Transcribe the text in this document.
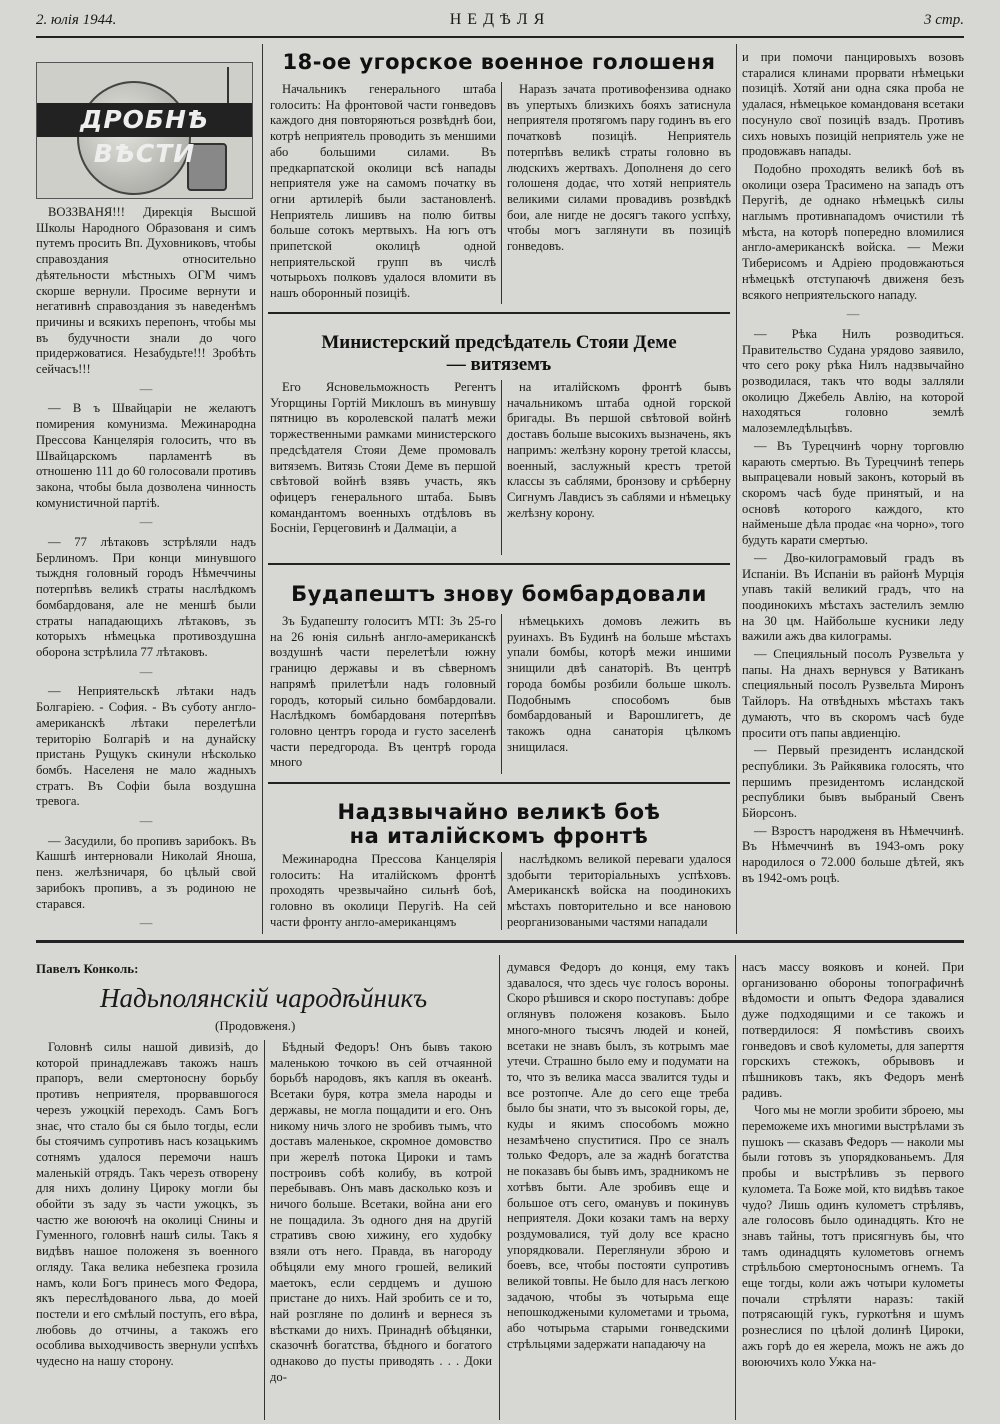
2. юлія 1944.	НЕДѢЛЯ	3 стр.
ДРОБНѢ ВѢСТИ

ВОЗЗВАНЯ!!! Дирекція Высшой Школы Народного Образованя и симъ путемъ просить Вп. Духовниковъ, чтобы справоздания относительно дѣятельности мѣстныхъ ОГМ чимъ скорше вернули. Просиме вернути и негативнѣ справоздания зъ наведенѣмъ причины и всякихъ перепонъ, чтобы мы въ будучности знали до чого придержоватися. Незабудьте!!! Зробѣть сейчасъ!!!

—

— В ъ Швайцаріи не желаютъ помирения комунизма. Межинародна Прессова Канцелярія голосить, что въ Швайцарскомъ парламентѣ въ отношеню 111 до 60 голосовали противъ закона, чтобы была дозволена чинность комунистичной партіѣ.

—

— 77 лѣтаковъ зстрѣляли надъ Берлиномъ. При конци минувшого тыждня головный городъ Нѣмеччины потерпѣвъ великѣ страты наслѣдкомъ бомбардованя, але не меншѣ были страты нападающихъ лѣтаковъ, зъ которыхъ нѣмецька противоздушна оборона зстрѣлила 77 лѣтаковъ.

—

— Неприятельскѣ лѣтаки надъ Болгаріею. - София. - Въ суботу англо-американскѣ лѣтаки перелетѣли територію Болгарiѣ и на дунайску пристань Рущукъ скинули нѣсколько бомбъ. Населеня не мало жадныхъ стратъ. Въ Софіи была воздушна тревога.

—

— Засудили, бо пропивъ зарибокъ. Въ Кашшѣ интерновали Николай Яноша, пенз. желѣзничаря, бо цѣлый свой зарибокъ пропивъ, а зъ родиною не старався.

—

18-ое угорское военное голошеня

Начальникъ генерального штаба голосить: На фронтовой части гонведовъ каждого дня повторяються розвѣднѣ бои, котрѣ неприятель проводить зъ меншими або большими силами. Въ предкарпатской околици всѣ напады неприятеля уже на самомъ початку въ огни артилеріѣ были застановленѣ. Неприятель лишивъ на полю битвы больше сотокъ мертвыхъ. На югъ отъ припетской околицѣ одной неприятельской групп въ числѣ чотырьохъ полковъ удалося вломити въ нашъ оборонный позиціѣ.

Наразъ зачата противофензива однако въ упертыхъ близкихъ бояхъ затиснула неприятеля протягомъ пару годинъ въ его початковѣ позиціѣ. Неприятель потерпѣвъ великѣ страты головно въ людскихъ жертвахъ. Дополненя до сего голошеня додає, что хотяй неприятель великими силами провадивъ розвѣдкѣ бои, але нигде не досягъ такого успѣху, чтобы могъ заглянути въ позиціѣ гонведовъ.

Министерский предсѣдатель Стояи Деме
— витяземъ

Его Ясновельможность Регентъ Угорщины Гортій Миклошъ въ минувшу пятницю въ королевской палатѣ межи торжественными рамками министерского предсѣдателя Стояи Деме промовалъ витяземъ. Витязь Стояи Деме въ першой свѣтовой войнѣ взявъ участь, якъ офицеръ генерального штаба. Бывъ командантомъ военныхъ отдѣловъ въ Босніи, Герцеговинѣ и Далмаціи, а

на италійскомъ фронтѣ бывъ начальникомъ штаба одной горской бригады. Въ першой свѣтовой войнѣ доставъ больше высокихъ вызначень, якъ напримъ: желѣзну корону третой классы, военный, заслужный крестъ третой классы зъ саблями, бронзову и срѣберну Сигнумъ Лавдисъ зъ саблями и нѣмецьку желѣзну корону.

Будапештъ знову бомбардовали

Зъ Будапешту голоситъ МТІ: Зъ 25-го на 26 юнія сильнѣ англо-американскѣ воздушнѣ части перелетѣли южну границю державы и въ сѣверномъ напрямѣ прилетѣли надъ головный городъ, который сильно бомбардовали. Наслѣдкомъ бомбардованя потерпѣвъ головно центръ города и густо заселенѣ части передгорода. Въ центрѣ города много

нѣмецькихъ домовъ лежить въ руинахъ. Въ Будинѣ на больше мѣстахъ упали бомбы, которѣ межи иншими знищили двѣ санаторіѣ. Въ центрѣ города бомбы розбили больше школъ. Подобнымъ способомъ быв бомбардованый и Варошлигетъ, де такожъ одна санаторія цѣлкомъ знищилася.

Надзвычайно великѣ боѣ
на италійскомъ фронтѣ

Межинародна Прессова Канцелярія голосить: На италійскомъ фронтѣ проходять чрезвычайно сильнѣ боѣ, головно въ околици Перугіѣ. На сей части фронту англо-американцямъ

наслѣдкомъ великой переваги удалося здобыти територіальныхъ успѣховъ. Американскѣ войска на поодинокихъ мѣстахъ повторительно и все нановою реорганизоваными частями нападали

и при помочи панцировыхъ возовъ старалися клинами прорвати нѣмецьки позиціѣ. Хотяй ани одна сяка проба не удалася, нѣмецькое командованя всетаки посунуло свої позиціѣ взадъ. Противъ сихъ новыхъ позицій неприятель уже не продовжавъ напады.

Подобно проходять великѣ боѣ въ околици озера Трасимено на западъ отъ Перугіѣ, де однако нѣмецькѣ силы наглымъ противнападомъ очистили тѣ мѣста, на которѣ попередно вломилися англо-американскѣ войска. — Межи Тиберисомъ и Адріею продовжаються нѣмецькѣ отступаючѣ движеня безъ всякого неприятельского нападу.

—

— Рѣка Нилъ розводиться. Правительство Судана урядово заявило, что сего року рѣка Нилъ надзвычайно розводилася, такъ что воды залляли околицю Джебель Авлію, на которой находяться головно землѣ малоземледѣльцѣвъ.

— Въ Турецчинѣ чорну торговлю карають смертью. Въ Турецчинѣ теперь выпрацевали новый законъ, который въ скоромъ часѣ буде принятый, и на основѣ которого каждого, кто найменьше дѣла продає «на чорно», того будуть карати смертью.

— Дво-килограмовый градъ въ Испаніи. Въ Испаніи въ районѣ Мурція упавъ такій великий градъ, что на поодинокихъ мѣстахъ застелилъ землю на 30 цм. Найбольше кусники леду важили ажъ два килограмы.

— Специяльный посолъ Рузвельта у папы. На днахъ вернувся у Ватиканъ специяльный посолъ Рузвельта Миронъ Тайлоръ. На отвѣдныхъ мѣстахъ такъ думають, что въ скоромъ часѣ буде просити отъ папы авдиенцію.

— Первый президентъ исландской республики. Зъ Райкявика голосять, что першимъ президентомъ исландской республики бывъ выбраный Свенъ Бйорсонъ.

— Взростъ народженя въ Нѣмеччинѣ. Въ Нѣмеччинѣ въ 1943-омъ року народилося о 72.000 больше дѣтей, якъ въ 1942-омъ роцѣ.

Павелъ Конколь:
Надьполянскій чародѣйникъ
(Продовженя.)

Головнѣ силы нашой дивизіѣ, до которой принадлежавъ такожъ нашъ прапоръ, вели смертоносну борьбу противъ неприятеля, прорвавшогося черезъ ужоцкій переходъ. Самъ Богъ знає, что стало бы ся было тогды, если бы стоячимъ супротивъ насъ козацькимъ сотнямъ удалося перемочи нашъ маленькій отрядъ. Такъ черезъ отворену для нихъ долину Цироку могли бы обойти зъ заду зъ части ужоцкъ, зъ частю же воюючѣ на околиці Снины и Гуменного, головнѣ нашѣ силы. Такъ я видѣвъ нашое положеня зъ военного огляду. Така велика небезпека грозила намъ, коли Богъ принесъ мого Федора, якъ переслѣдованого льва, до моей постели и его смѣлый поступъ, его вѣра, любовь до отчины, а такожъ его особлива выходчивость звернули успѣхъ чудесно на нашу сторону.

Бѣдный Федоръ! Онъ бывъ такою маленькою точкою въ сей отчаянной борьбѣ народовъ, якъ капля въ океанѣ. Всетаки буря, котра змела народы и державы, не могла пощадити и его. Онъ никому ничь злого не зробивъ тымъ, что доставъ маленькое, скромное домовство при жерелѣ потока Цироки и тамъ построивъ собѣ колибу, въ котрой перебывавъ. Онъ мавъ дасколько козъ и ничого больше. Всетаки, война ани его не пощадила. Зъ одного дня на другій стративъ свою хижину, его худобку взяли отъ него. Правда, въ нагороду обѣцяли ему много грошей, великий маетокъ, если сердцемъ и душою пристане до нихъ. Най зробить се и то, най розглянe по долинѣ и вернеся зъ вѣстками до нихъ. Принаднѣ обѣцянки, сказочнѣ богатства, бѣдного и богатого однаково до пусты приводять . . . Доки до-

думався Федоръ до конця, ему такъ здавалося, что здесь чує голосъ вороны. Скоро рѣшився и скоро поступавъ: добре оглянувъ положеня козаковъ. Было много-много тысячъ людей и коней, всетаки не знавъ былъ, зъ котрымъ маe утечи. Страшно было ему и подумати на то, что зъ велика масса звалится туды и все розтопче. Але до сего еще треба было бы знати, что зъ высокой горы, де, куды и якимъ способомъ можно незамѣчено спуститися. Про се зналъ только Федоръ, але за жаднѣ богатства не показавъ бы бывъ имъ, зрадникомъ не хотѣвъ быти. Але зробивъ еще и большое отъ сего, оманувъ и покинувъ неприятеля. Доки козаки тамъ на верху роздумовалися, туй долу все красно упорядковали. Переглянули зброю и боевъ, все, чтобы постояти супротивъ великой товпы. Не было для насъ легкою задачою, чтобы зъ чотырьма еще непошкоджеными кулометами и трьома, або чотырьма старыми гонведскими стрѣльцями задержати нападаючу на

насъ массу вояковъ и коней. При организованю обороны топографичнѣ вѣдомости и опытъ Федора здавалися дуже подходящими и се такожъ и потвердилося: Я помѣстивъ своихъ гонведовъ и своѣ кулометы, для заперття горскихъ стежокъ, обрывовъ и пѣшниковъ такъ, якъ Федоръ менѣ радивъ.

Чого мы не могли зробити зброею, мы переможеме ихъ многими выстрѣлами зъ пушокъ — сказавъ Федоръ — наколи мы были готовъ зъ упорядкованьемъ. Для пробы и выстрѣливъ зъ первого куломета. Та Боже мой, кто видѣвъ такое чудо? Лишь одинъ кулометъ стрѣлявъ, але голосовъ было одинадцять. Кто не знавъ тайны, тотъ присягнувъ бы, что тамъ одинадцять кулометовъ огнемъ стрѣльбою смертоноснымъ огнемъ. Та еще тогды, коли ажъ чотыри кулометы почали стрѣляти наразъ: такій потрясающій гукъ, гуркотѣня и шумъ рознеслися по цѣлой долинѣ Цироки, ажъ горѣ до ея жерела, можъ не ажъ до воюючихъ коло Ужка на-
